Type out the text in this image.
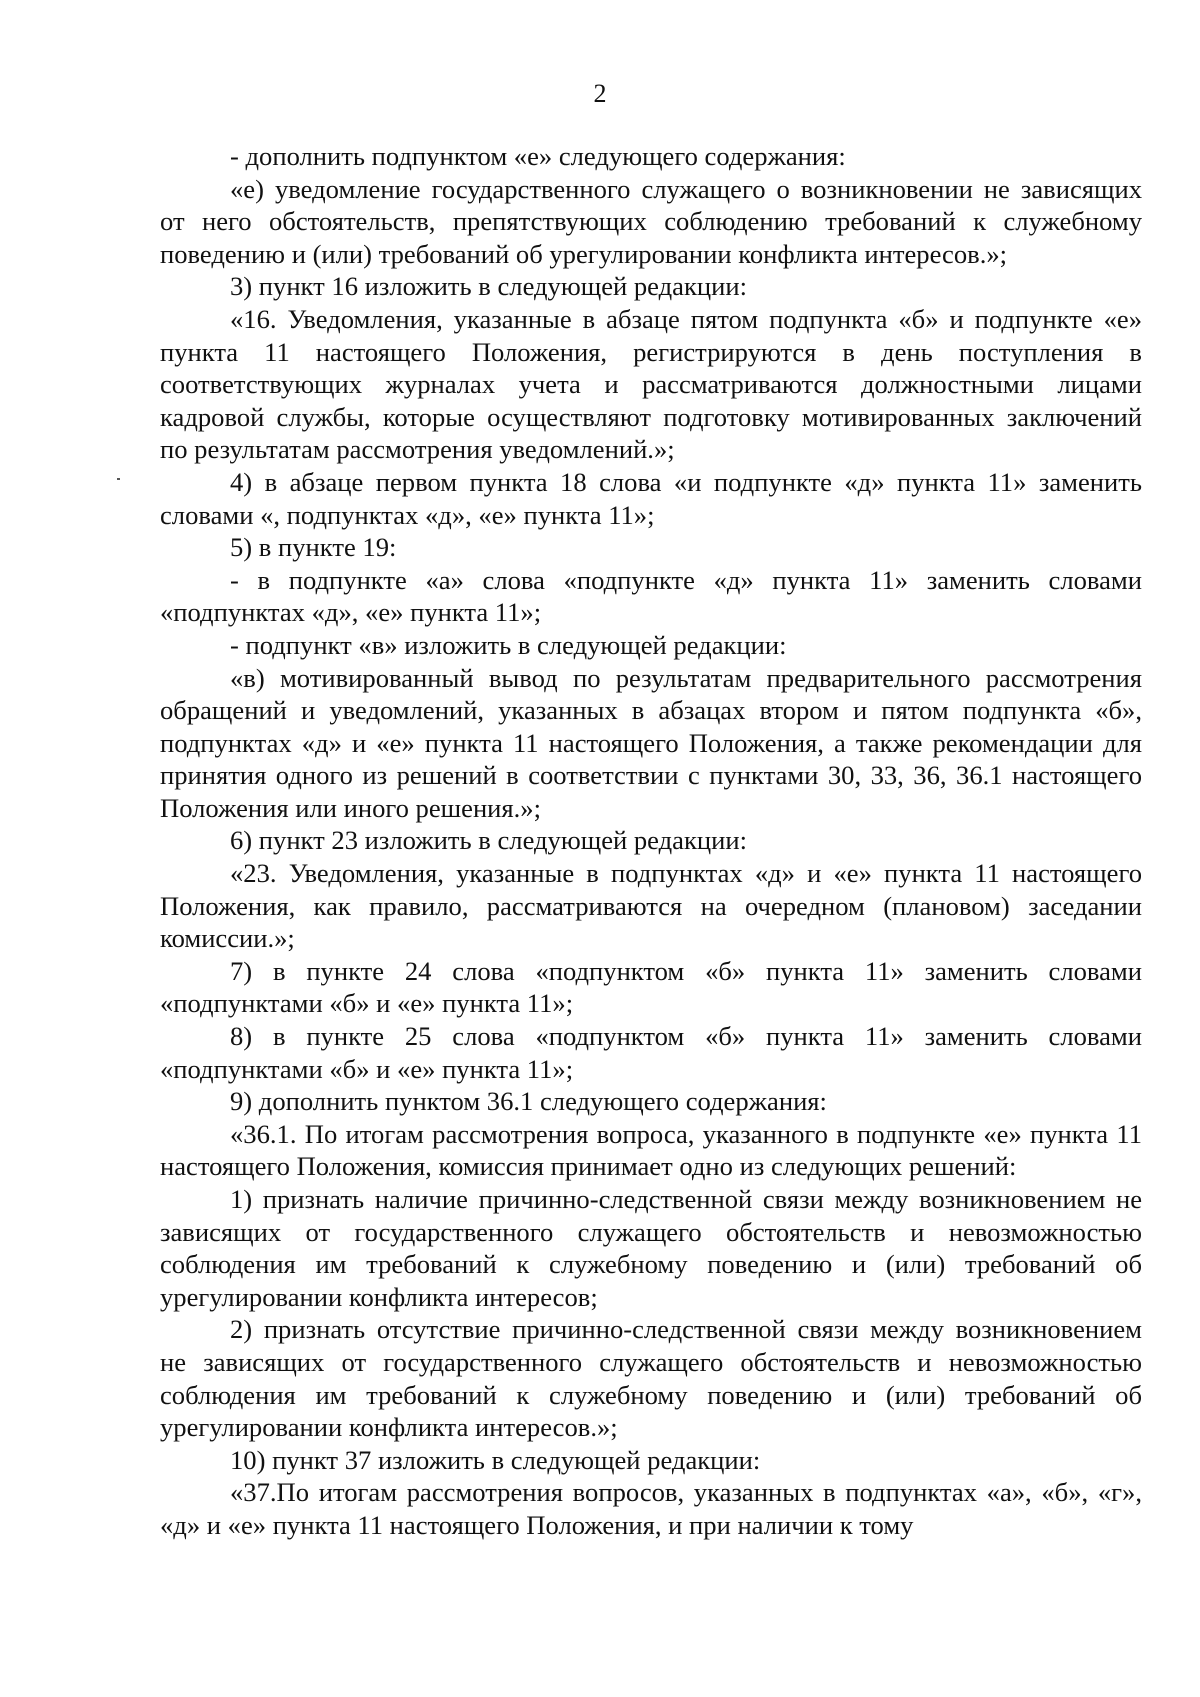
2

- дополнить подпунктом «е» следующего содержания:

«е) уведомление государственного служащего о возникновении не зависящих от него обстоятельств, препятствующих соблюдению требований к служебному поведению и (или) требований об урегулировании конфликта интересов.»;

3) пункт 16 изложить в следующей редакции:

«16. Уведомления, указанные в абзаце пятом подпункта «б» и подпункте «е» пункта 11 настоящего Положения, регистрируются в день поступления в соответствующих журналах учета и рассматриваются должностными лицами кадровой службы, которые осуществляют подготовку мотивированных заключений по результатам рассмотрения уведомлений.»;

4) в абзаце первом пункта 18 слова «и подпункте «д» пункта 11» заменить словами «, подпунктах «д», «е» пункта 11»;

5) в пункте 19:

- в подпункте «а» слова «подпункте «д» пункта 11» заменить словами «подпунктах «д», «е» пункта 11»;

- подпункт «в» изложить в следующей редакции:

«в) мотивированный вывод по результатам предварительного рассмотрения обращений и уведомлений, указанных в абзацах втором и пятом подпункта «б», подпунктах «д» и «е» пункта 11 настоящего Положения, а также рекомендации для принятия одного из решений в соответствии с пунктами 30, 33, 36, 36.1 настоящего Положения или иного решения.»;

6) пункт 23 изложить в следующей редакции:

«23. Уведомления, указанные в подпунктах «д» и «е» пункта 11 настоящего Положения, как правило, рассматриваются на очередном (плановом) заседании комиссии.»;

7) в пункте 24 слова «подпунктом «б» пункта 11» заменить словами «подпунктами «б» и «е» пункта 11»;

8) в пункте 25 слова «подпунктом «б» пункта 11» заменить словами «подпунктами «б» и «е» пункта 11»;

9) дополнить пунктом 36.1 следующего содержания:

«36.1. По итогам рассмотрения вопроса, указанного в подпункте «е» пункта 11 настоящего Положения, комиссия принимает одно из следующих решений:

1) признать наличие причинно-следственной связи между возникновением не зависящих от государственного служащего обстоятельств и невозможностью соблюдения им требований к служебному поведению и (или) требований об урегулировании конфликта интересов;

2) признать отсутствие причинно-следственной связи между возникновением не зависящих от государственного служащего обстоятельств и невозможностью соблюдения им требований к служебному поведению и (или) требований об урегулировании конфликта интересов.»;

10) пункт 37 изложить в следующей редакции:

«37.По итогам рассмотрения вопросов, указанных в подпунктах «а», «б», «г», «д» и «е» пункта 11 настоящего Положения, и при наличии к тому
